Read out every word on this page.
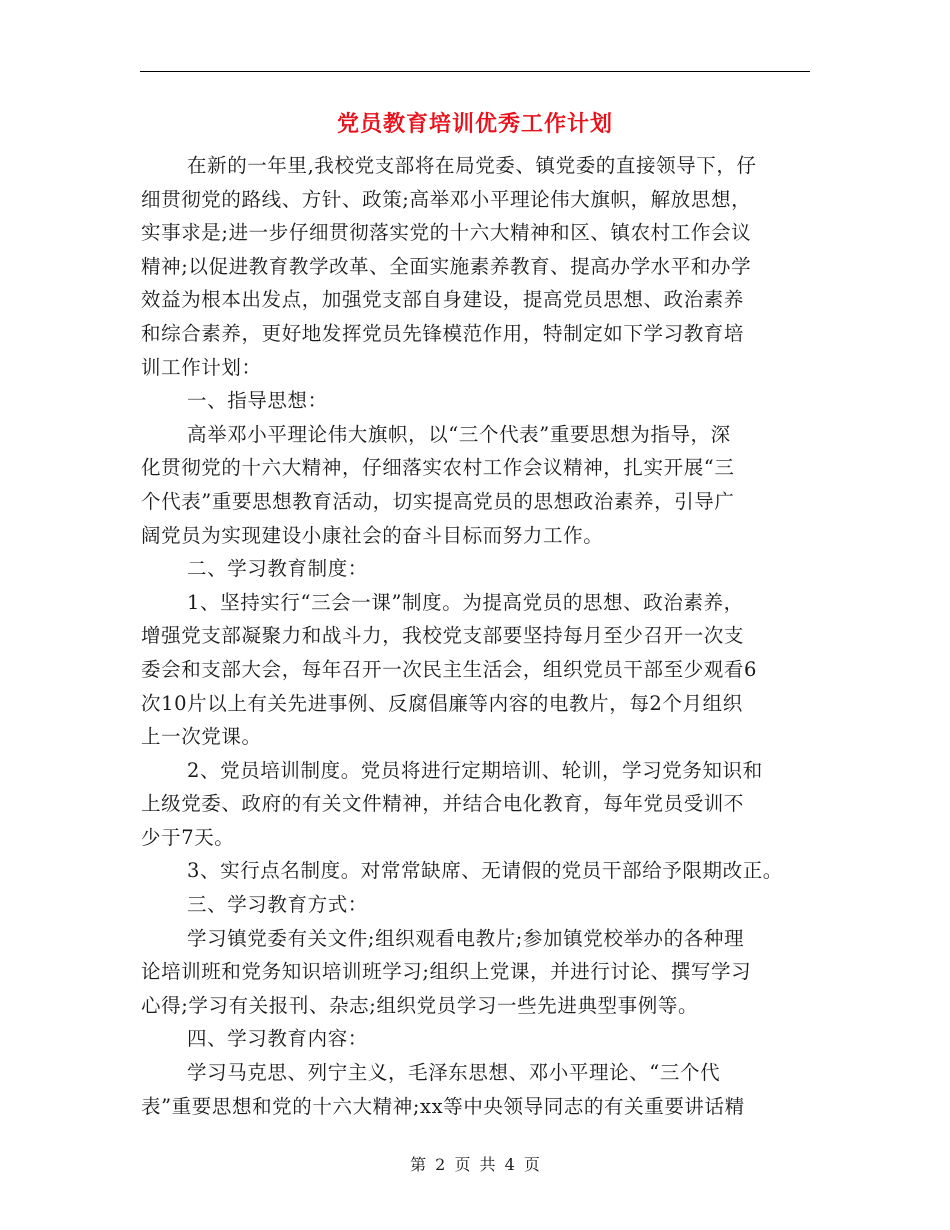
党员教育培训优秀工作计划
在新的一年里,我校党支部将在局党委、镇党委的直接领导下，仔
细贯彻党的路线、方针、政策;高举邓小平理论伟大旗帜，解放思想，
实事求是;进一步仔细贯彻落实党的十六大精神和区、镇农村工作会议
精神;以促进教育教学改革、全面实施素养教育、提高办学水平和办学
效益为根本出发点，加强党支部自身建设，提高党员思想、政治素养
和综合素养，更好地发挥党员先锋模范作用，特制定如下学习教育培
训工作计划：
一、指导思想：
高举邓小平理论伟大旗帜，以“三个代表”重要思想为指导，深
化贯彻党的十六大精神，仔细落实农村工作会议精神，扎实开展“三
个代表”重要思想教育活动，切实提高党员的思想政治素养，引导广
阔党员为实现建设小康社会的奋斗目标而努力工作。
二、学习教育制度：
1、坚持实行“三会一课”制度。为提高党员的思想、政治素养，
增强党支部凝聚力和战斗力，我校党支部要坚持每月至少召开一次支
委会和支部大会，每年召开一次民主生活会，组织党员干部至少观看6
次10片以上有关先进事例、反腐倡廉等内容的电教片，每2个月组织
上一次党课。
2、党员培训制度。党员将进行定期培训、轮训，学习党务知识和
上级党委、政府的有关文件精神，并结合电化教育，每年党员受训不
少于7天。
3、实行点名制度。对常常缺席、无请假的党员干部给予限期改正。
三、学习教育方式：
学习镇党委有关文件;组织观看电教片;参加镇党校举办的各种理
论培训班和党务知识培训班学习;组织上党课，并进行讨论、撰写学习
心得;学习有关报刊、杂志;组织党员学习一些先进典型事例等。
四、学习教育内容：
学习马克思、列宁主义，毛泽东思想、邓小平理论、“三个代
表”重要思想和党的十六大精神;xx等中央领导同志的有关重要讲话精
第 2 页 共 4 页
